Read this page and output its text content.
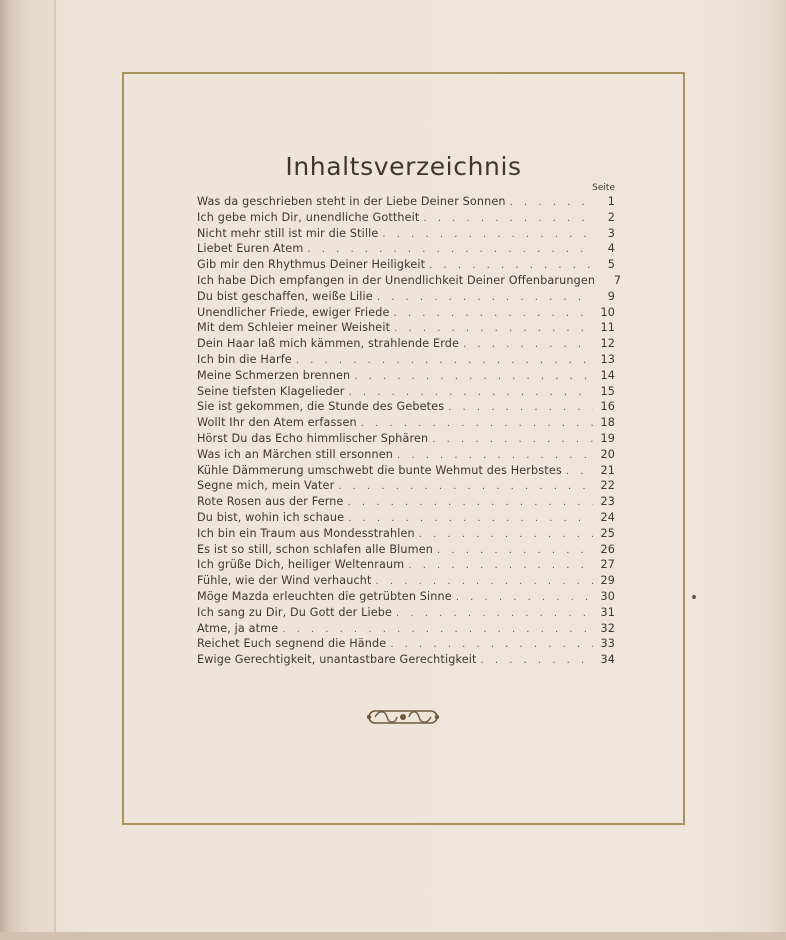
Inhaltsverzeichnis
Seite
Was da geschrieben steht in der Liebe Deiner Sonnen . . .	1
Ich gebe mich Dir, unendliche Gottheit . . .	2
Nicht mehr still ist mir die Stille . . .	3
Liebet Euren Atem . . .	4
Gib mir den Rhythmus Deiner Heiligkeit . . .	5
Ich habe Dich empfangen in der Unendlichkeit Deiner Offenbarungen . . .	7
Du bist geschaffen, weiße Lilie . . .	9
Unendlicher Friede, ewiger Friede . . .	10
Mit dem Schleier meiner Weisheit . . .	11
Dein Haar laß mich kämmen, strahlende Erde . . .	12
Ich bin die Harfe . . .	13
Meine Schmerzen brennen . . .	14
Seine tiefsten Klagelieder . . .	15
Sie ist gekommen, die Stunde des Gebetes . . .	16
Wollt Ihr den Atem erfassen . . .	18
Hörst Du das Echo himmlischer Sphären . . .	19
Was ich an Märchen still ersonnen . . .	20
Kühle Dämmerung umschwebt die bunte Wehmut des Herbstes . . .	21
Segne mich, mein Vater . . .	22
Rote Rosen aus der Ferne . . .	23
Du bist, wohin ich schaue . . .	24
Ich bin ein Traum aus Mondesstrahlen . . .	25
Es ist so still, schon schlafen alle Blumen . . .	26
Ich grüße Dich, heiliger Weltenraum . . .	27
Fühle, wie der Wind verhaucht . . .	29
Möge Mazda erleuchten die getrübten Sinne . . .	30
Ich sang zu Dir, Du Gott der Liebe . . .	31
Atme, ja atme . . .	32
Reichet Euch segnend die Hände . . .	33
Ewige Gerechtigkeit, unantastbare Gerechtigkeit . . .	34
